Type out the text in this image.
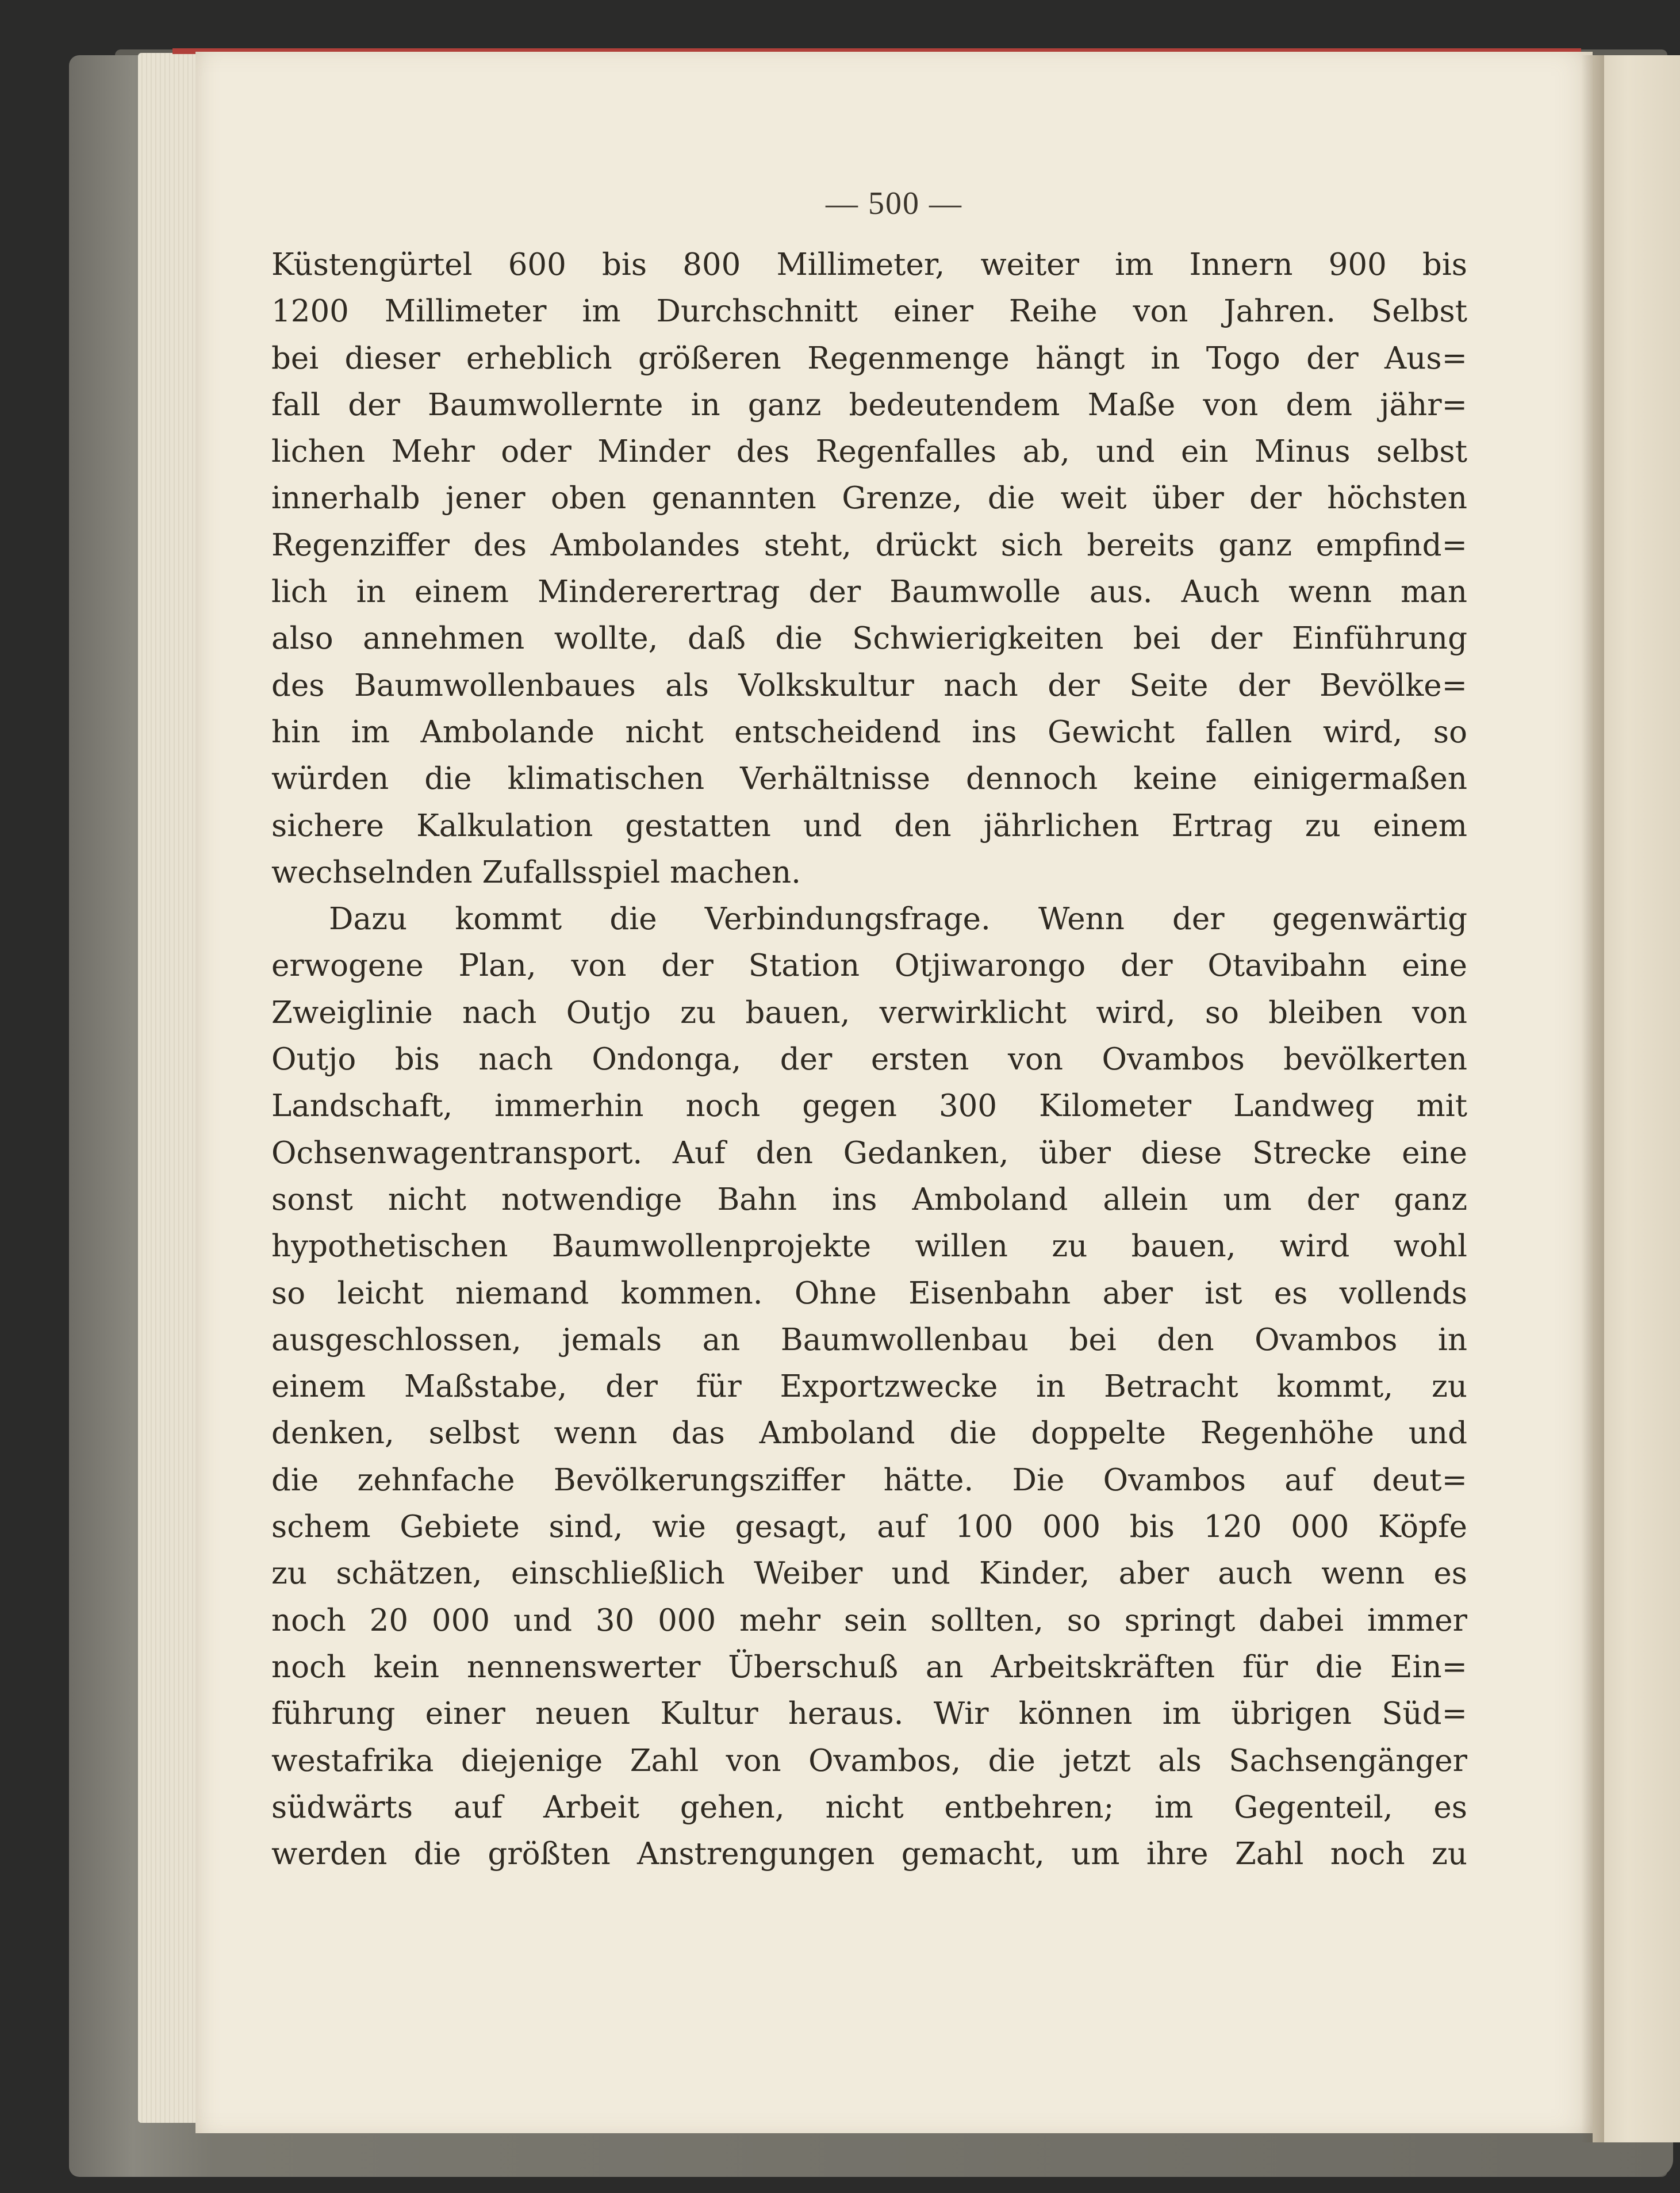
— 500 —
Küstengürtel 600 bis 800 Millimeter, weiter im Innern 900 bis
1200 Millimeter im Durchschnitt einer Reihe von Jahren. Selbst
bei dieser erheblich größeren Regenmenge hängt in Togo der Aus=
fall der Baumwollernte in ganz bedeutendem Maße von dem jähr=
lichen Mehr oder Minder des Regenfalles ab, und ein Minus selbst
innerhalb jener oben genannten Grenze, die weit über der höchsten
Regenziffer des Ambolandes steht, drückt sich bereits ganz empfind=
lich in einem Mindererertrag der Baumwolle aus. Auch wenn man
also annehmen wollte, daß die Schwierigkeiten bei der Einführung
des Baumwollenbaues als Volkskultur nach der Seite der Bevölke=
hin im Ambolande nicht entscheidend ins Gewicht fallen wird, so
würden die klimatischen Verhältnisse dennoch keine einigermaßen
sichere Kalkulation gestatten und den jährlichen Ertrag zu einem
wechselnden Zufallsspiel machen.
Dazu kommt die Verbindungsfrage. Wenn der gegenwärtig
erwogene Plan, von der Station Otjiwarongo der Otavibahn eine
Zweiglinie nach Outjo zu bauen, verwirklicht wird, so bleiben von
Outjo bis nach Ondonga, der ersten von Ovambos bevölkerten
Landschaft, immerhin noch gegen 300 Kilometer Landweg mit
Ochsenwagentransport. Auf den Gedanken, über diese Strecke eine
sonst nicht notwendige Bahn ins Amboland allein um der ganz
hypothetischen Baumwollenprojekte willen zu bauen, wird wohl
so leicht niemand kommen. Ohne Eisenbahn aber ist es vollends
ausgeschlossen, jemals an Baumwollenbau bei den Ovambos in
einem Maßstabe, der für Exportzwecke in Betracht kommt, zu
denken, selbst wenn das Amboland die doppelte Regenhöhe und
die zehnfache Bevölkerungsziffer hätte. Die Ovambos auf deut=
schem Gebiete sind, wie gesagt, auf 100 000 bis 120 000 Köpfe
zu schätzen, einschließlich Weiber und Kinder, aber auch wenn es
noch 20 000 und 30 000 mehr sein sollten, so springt dabei immer
noch kein nennenswerter Überschuß an Arbeitskräften für die Ein=
führung einer neuen Kultur heraus. Wir können im übrigen Süd=
westafrika diejenige Zahl von Ovambos, die jetzt als Sachsengänger
südwärts auf Arbeit gehen, nicht entbehren; im Gegenteil, es
werden die größten Anstrengungen gemacht, um ihre Zahl noch zu
